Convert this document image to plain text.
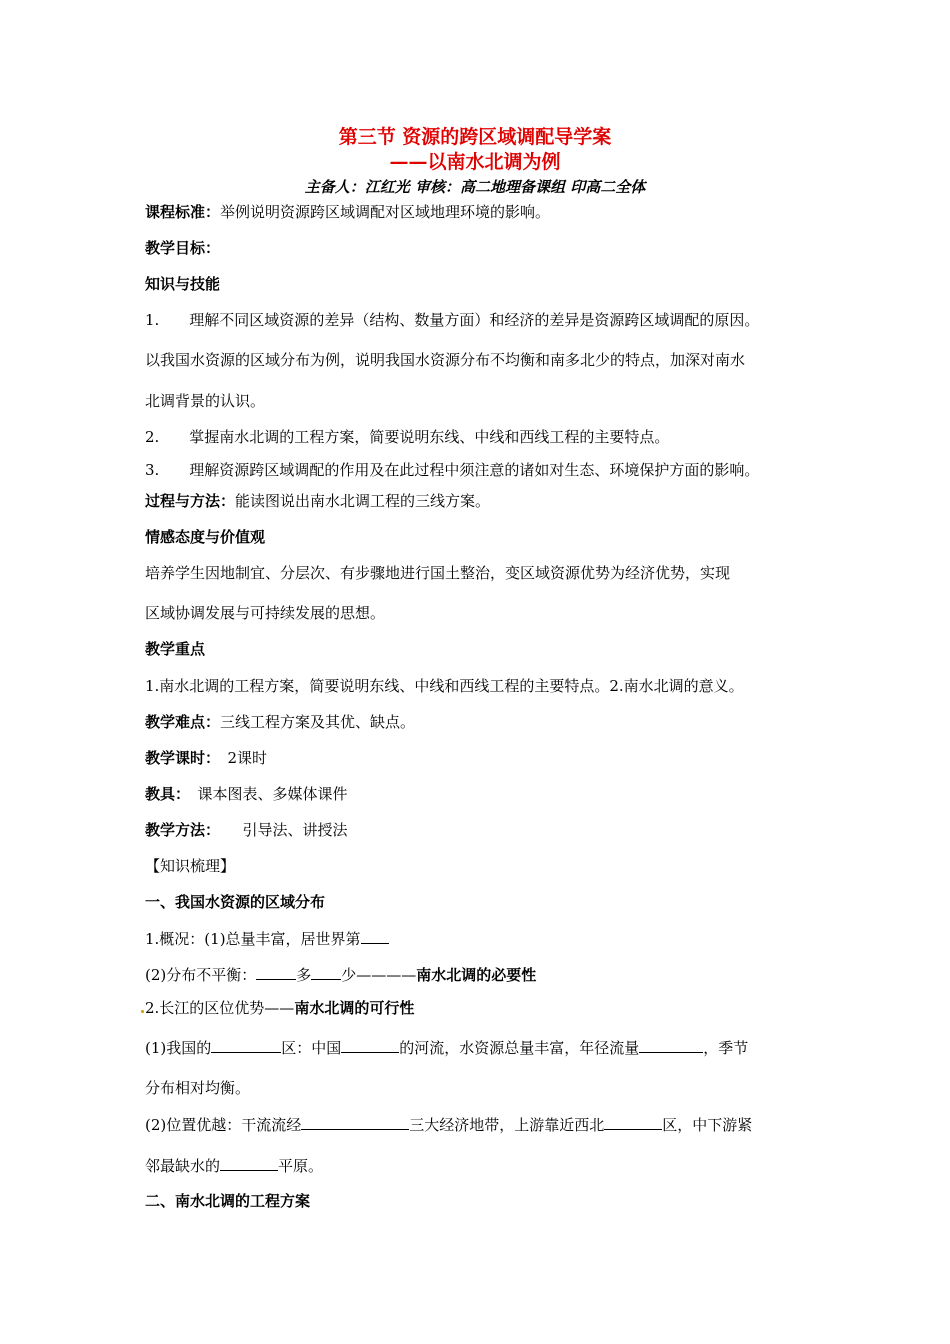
第三节 资源的跨区域调配导学案
——以南水北调为例
主备人：江红光 审核：高二地理备课组 印高二全体
课程标准：举例说明资源跨区域调配对区域地理环境的影响。
教学目标：
知识与技能
1.　　理解不同区域资源的差异（结构、数量方面）和经济的差异是资源跨区域调配的原因。
以我国水资源的区域分布为例，说明我国水资源分布不均衡和南多北少的特点，加深对南水
北调背景的认识。
2.　　掌握南水北调的工程方案，简要说明东线、中线和西线工程的主要特点。
3.　　理解资源跨区域调配的作用及在此过程中须注意的诸如对生态、环境保护方面的影响。
过程与方法：能读图说出南水北调工程的三线方案。
情感态度与价值观
培养学生因地制宜、分层次、有步骤地进行国土整治，变区域资源优势为经济优势，实现
区域协调发展与可持续发展的思想。
教学重点
1.南水北调的工程方案，简要说明东线、中线和西线工程的主要特点。2.南水北调的意义。
教学难点：三线工程方案及其优、缺点。
教学课时：　2课时
教具：　课本图表、多媒体课件
教学方法：　　引导法、讲授法
【知识梳理】
一、我国水资源的区域分布
1.概况：(1)总量丰富，居世界第
(2)分布不平衡：	多 少————南水北调的必要性
2.长江的区位优势——南水北调的可行性
(1)我国的	区：中国	的河流，水资源总量丰富，年径流量	，季节
分布相对均衡。
(2)位置优越：干流流经	三大经济地带，上游靠近西北	区，中下游紧
邻最缺水的	平原。
二、南水北调的工程方案
